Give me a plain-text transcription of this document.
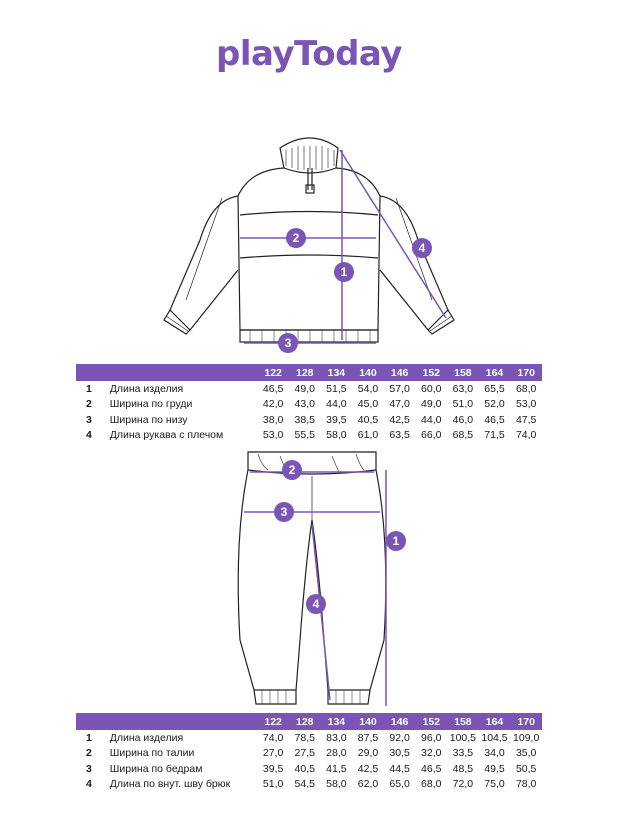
playToday
2
1
3
4
		122	128	134	140	146	152	158	164	170
1	Длина изделия	46,5	49,0	51,5	54,0	57,0	60,0	63,0	65,5	68,0
2	Ширина по груди	42,0	43,0	44,0	45,0	47,0	49,0	51,0	52,0	53,0
3	Ширина по низу	38,0	38,5	39,5	40,5	42,5	44,0	46,0	46,5	47,5
4	Длина рукава с плечом	53,0	55,5	58,0	61,0	63,5	66,0	68,5	71,5	74,0
2
3
1
4
		122	128	134	140	146	152	158	164	170
1	Длина изделия	74,0	78,5	83,0	87,5	92,0	96,0	100,5	104,5	109,0
2	Ширина по талии	27,0	27,5	28,0	29,0	30,5	32,0	33,5	34,0	35,0
3	Ширина по бедрам	39,5	40,5	41,5	42,5	44,5	46,5	48,5	49,5	50,5
4	Длина по внут. шву брюк	51,0	54,5	58,0	62,0	65,0	68,0	72,0	75,0	78,0
